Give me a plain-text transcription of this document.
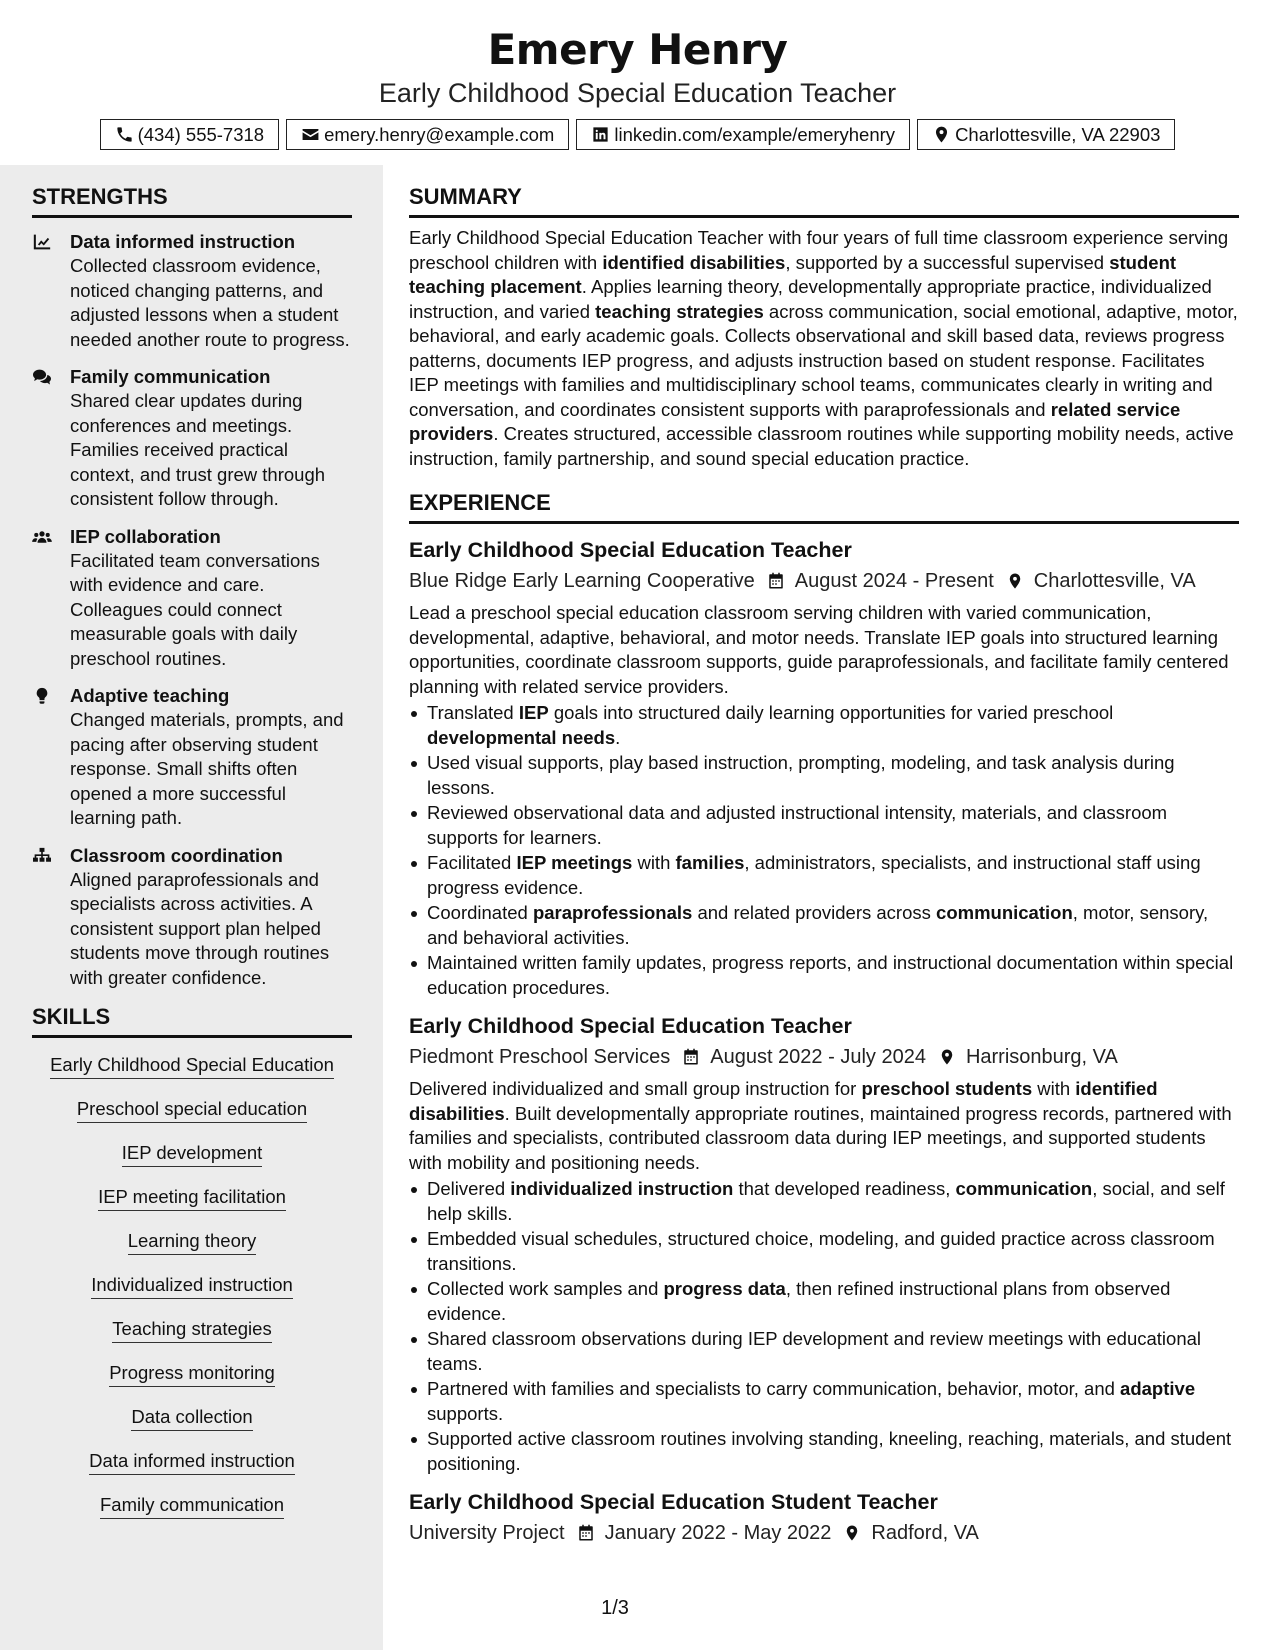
Emery Henry
Early Childhood Special Education Teacher
(434) 555-7318	emery.henry@example.com	linkedin.com/example/emeryhenry	Charlottesville, VA 22903
STRENGTHS
Data informed instruction
Collected classroom evidence, noticed changing patterns, and adjusted lessons when a student needed another route to progress.
Family communication
Shared clear updates during conferences and meetings. Families received practical context, and trust grew through consistent follow through.
IEP collaboration
Facilitated team conversations with evidence and care. Colleagues could connect measurable goals with daily preschool routines.
Adaptive teaching
Changed materials, prompts, and pacing after observing student response. Small shifts often opened a more successful learning path.
Classroom coordination
Aligned paraprofessionals and specialists across activities. A consistent support plan helped students move through routines with greater confidence.
SKILLS
Early Childhood Special Education
Preschool special education
IEP development
IEP meeting facilitation
Learning theory
Individualized instruction
Teaching strategies
Progress monitoring
Data collection
Data informed instruction
Family communication
SUMMARY
Early Childhood Special Education Teacher with four years of full time classroom experience serving preschool children with identified disabilities, supported by a successful supervised student teaching placement. Applies learning theory, developmentally appropriate practice, individualized instruction, and varied teaching strategies across communication, social emotional, adaptive, motor, behavioral, and early academic goals. Collects observational and skill based data, reviews progress patterns, documents IEP progress, and adjusts instruction based on student response. Facilitates IEP meetings with families and multidisciplinary school teams, communicates clearly in writing and conversation, and coordinates consistent supports with paraprofessionals and related service providers. Creates structured, accessible classroom routines while supporting mobility needs, active instruction, family partnership, and sound special education practice.
EXPERIENCE
Early Childhood Special Education Teacher
Blue Ridge Early Learning Cooperative August 2024 - Present Charlottesville, VA
Lead a preschool special education classroom serving children with varied communication, developmental, adaptive, behavioral, and motor needs. Translate IEP goals into structured learning opportunities, coordinate classroom supports, guide paraprofessionals, and facilitate family centered planning with related service providers.
Translated IEP goals into structured daily learning opportunities for varied preschool developmental needs.
Used visual supports, play based instruction, prompting, modeling, and task analysis during lessons.
Reviewed observational data and adjusted instructional intensity, materials, and classroom supports for learners.
Facilitated IEP meetings with families, administrators, specialists, and instructional staff using progress evidence.
Coordinated paraprofessionals and related providers across communication, motor, sensory, and behavioral activities.
Maintained written family updates, progress reports, and instructional documentation within special education procedures.
Early Childhood Special Education Teacher
Piedmont Preschool Services August 2022 - July 2024 Harrisonburg, VA
Delivered individualized and small group instruction for preschool students with identified disabilities. Built developmentally appropriate routines, maintained progress records, partnered with families and specialists, contributed classroom data during IEP meetings, and supported students with mobility and positioning needs.
Delivered individualized instruction that developed readiness, communication, social, and self help skills.
Embedded visual schedules, structured choice, modeling, and guided practice across classroom transitions.
Collected work samples and progress data, then refined instructional plans from observed evidence.
Shared classroom observations during IEP development and review meetings with educational teams.
Partnered with families and specialists to carry communication, behavior, motor, and adaptive supports.
Supported active classroom routines involving standing, kneeling, reaching, materials, and student positioning.
Early Childhood Special Education Student Teacher
University Project January 2022 - May 2022 Radford, VA
1/3
